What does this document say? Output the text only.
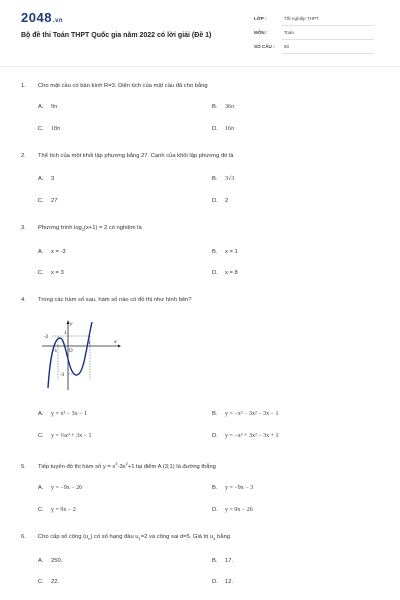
2048.vn
Bộ đề thi Toán THPT Quốc gia năm 2022 có lời giải (Đề 1)
LỚP :	Tốt nghiệp THPT
MÔN :	Toán
SỐ CÂU : 50
1. Cho mặt cầu có bán kính R=3. Diện tích của mặt cầu đã cho bằng
A. 9π	B. 36π
C. 18π	D. 16π
2. Thể tích của một khối lập phương bằng 27. Cạnh của khối lập phương đó là
A. 3	B. 3√3
C. 27	D. 2
3. Phương trình $\log_2(x+1) = 2$ có nghiệm là
A. x = -3	B. x = 1
C. x = 3	D. x = 8
4. Trong các hàm số sau, hàm số nào có đồ thị như hình bên?
y
x
1
1
-1
-2
O
-3
A. y = x³ − 3x − 1	B. y = −x³ − 3x² − 3x − 1
C. y = ⅓x³ + 3x − 1	D. y = −x³ + 3x² − 3x + 1
5. Tiếp tuyến đồ thị hàm số $y = x^3-3x^2+1$ tại điểm A (3;1) là đường thẳng
A. y = −9x − 26	B. y = −9x − 3
C. y = 9x − 2	D. y = 9x − 26
6. Cho cấp số cộng $(u_n)$ có số hạng đầu $u_1=2$ và công sai d=5. Giá trị $u_4$ bằng
A. 250.	B. 17.
C. 22.	D. 12.
